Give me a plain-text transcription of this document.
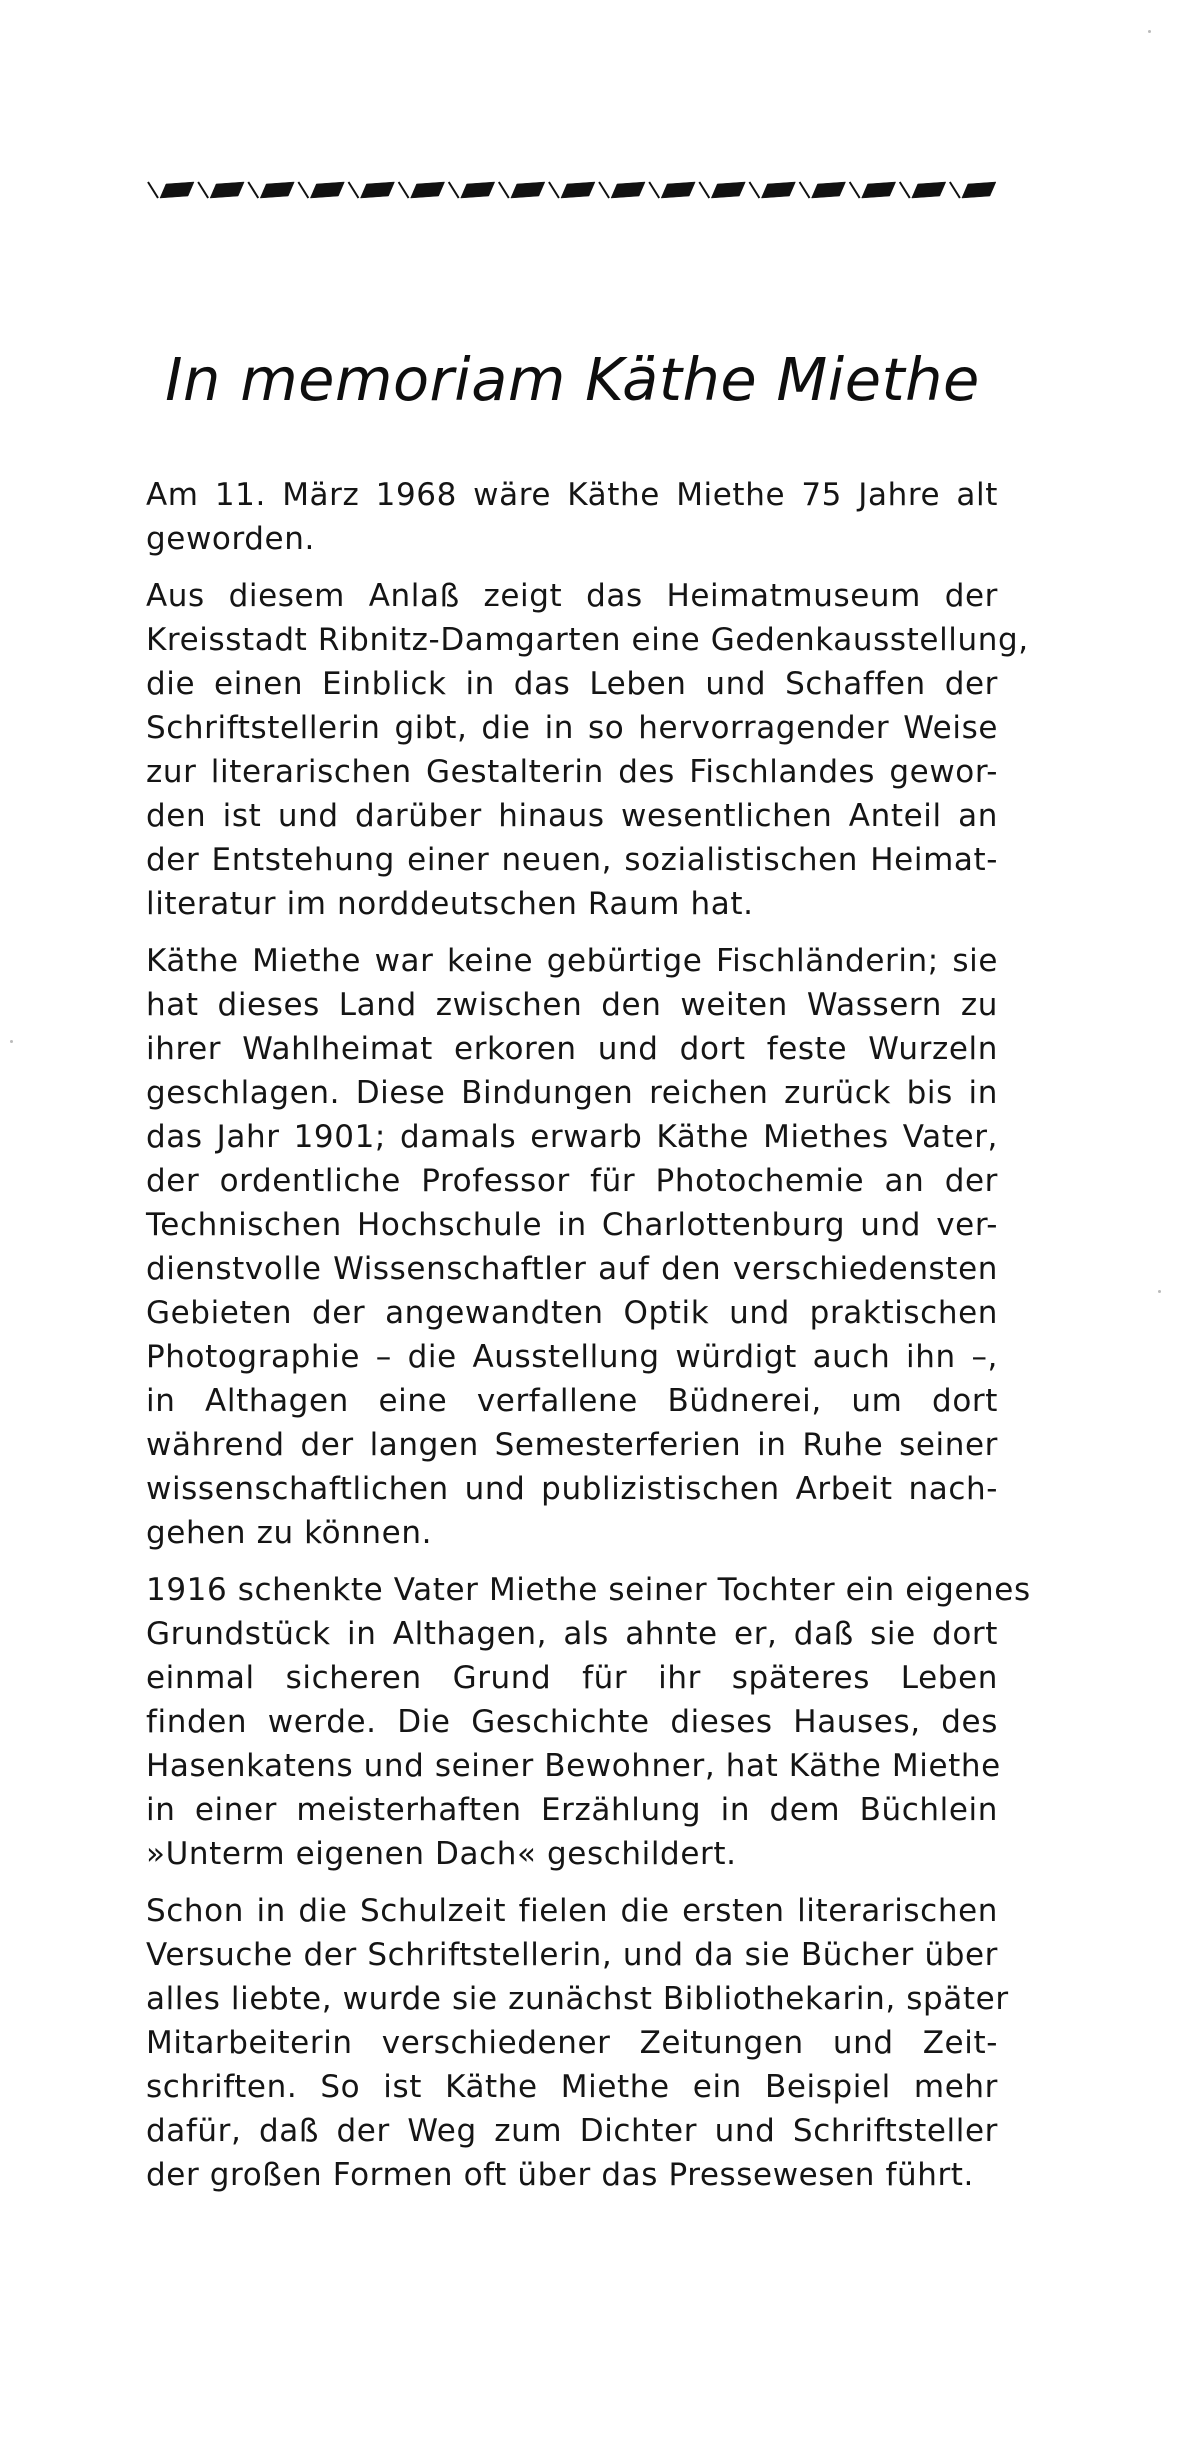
In memoriam Käthe Miethe

Am 11. März 1968 wäre Käthe Miethe 75 Jahre alt
geworden.

Aus diesem Anlaß zeigt das Heimatmuseum der
Kreisstadt Ribnitz-Damgarten eine Gedenkausstellung,
die einen Einblick in das Leben und Schaffen der
Schriftstellerin gibt, die in so hervorragender Weise
zur literarischen Gestalterin des Fischlandes gewor-
den ist und darüber hinaus wesentlichen Anteil an
der Entstehung einer neuen, sozialistischen Heimat-
literatur im norddeutschen Raum hat.

Käthe Miethe war keine gebürtige Fischländerin; sie
hat dieses Land zwischen den weiten Wassern zu
ihrer Wahlheimat erkoren und dort feste Wurzeln
geschlagen. Diese Bindungen reichen zurück bis in
das Jahr 1901; damals erwarb Käthe Miethes Vater,
der ordentliche Professor für Photochemie an der
Technischen Hochschule in Charlottenburg und ver-
dienstvolle Wissenschaftler auf den verschiedensten
Gebieten der angewandten Optik und praktischen
Photographie – die Ausstellung würdigt auch ihn –,
in Althagen eine verfallene Büdnerei, um dort
während der langen Semesterferien in Ruhe seiner
wissenschaftlichen und publizistischen Arbeit nach-
gehen zu können.

1916 schenkte Vater Miethe seiner Tochter ein eigenes
Grundstück in Althagen, als ahnte er, daß sie dort
einmal sicheren Grund für ihr späteres Leben
finden werde. Die Geschichte dieses Hauses, des
Hasenkatens und seiner Bewohner, hat Käthe Miethe
in einer meisterhaften Erzählung in dem Büchlein
»Unterm eigenen Dach« geschildert.

Schon in die Schulzeit fielen die ersten literarischen
Versuche der Schriftstellerin, und da sie Bücher über
alles liebte, wurde sie zunächst Bibliothekarin, später
Mitarbeiterin verschiedener Zeitungen und Zeit-
schriften. So ist Käthe Miethe ein Beispiel mehr
dafür, daß der Weg zum Dichter und Schriftsteller
der großen Formen oft über das Pressewesen führt.
